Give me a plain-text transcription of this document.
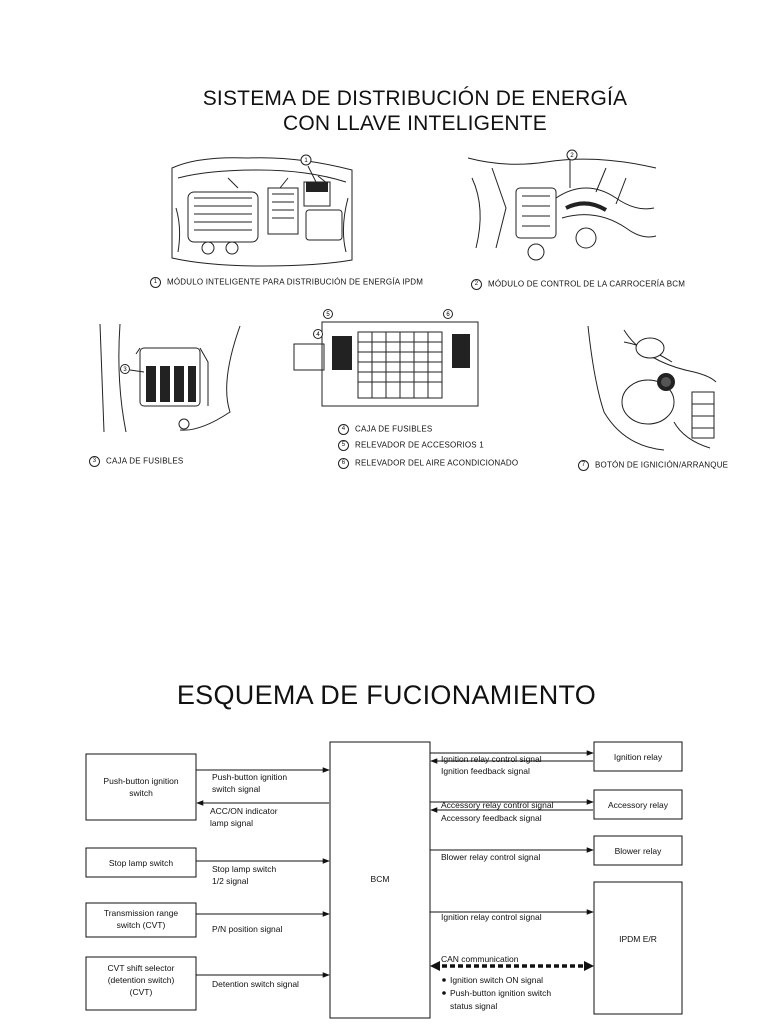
SISTEMA DE DISTRIBUCIÓN DE ENERGÍA
CON LLAVE INTELIGENTE
1
1 MÓDULO INTELIGENTE PARA DISTRIBUCIÓN DE ENERGÍA IPDM
2
2 MÓDULO DE CONTROL DE LA CARROCERÍA BCM
3
3 CAJA DE FUSIBLES
4
5	6
4 CAJA DE FUSIBLES
5 RELEVADOR DE ACCESORIOS 1
6 RELEVADOR DEL AIRE ACONDICIONADO	7 BOTÓN DE IGNICIÓN/ARRANQUE
ESQUEMA DE FUCIONAMIENTO
Push-button ignition
switch
Stop lamp switch
Transmission range
switch (CVT)
CVT shift selector
(detention switch)
(CVT)
BCM
Ignition relay
Accessory relay
Blower relay
IPDM E/R
Push-button ignition
switch signal
ACC/ON indicator
lamp signal
Stop lamp switch
1/2 signal
P/N position signal
Detention switch signal
Ignition relay control signal
Ignition feedback signal
Accessory relay control signal
Accessory feedback signal
Blower relay control signal
Ignition relay control signal
CAN communication
Ignition switch ON signal
Push-button ignition switch
status signal
